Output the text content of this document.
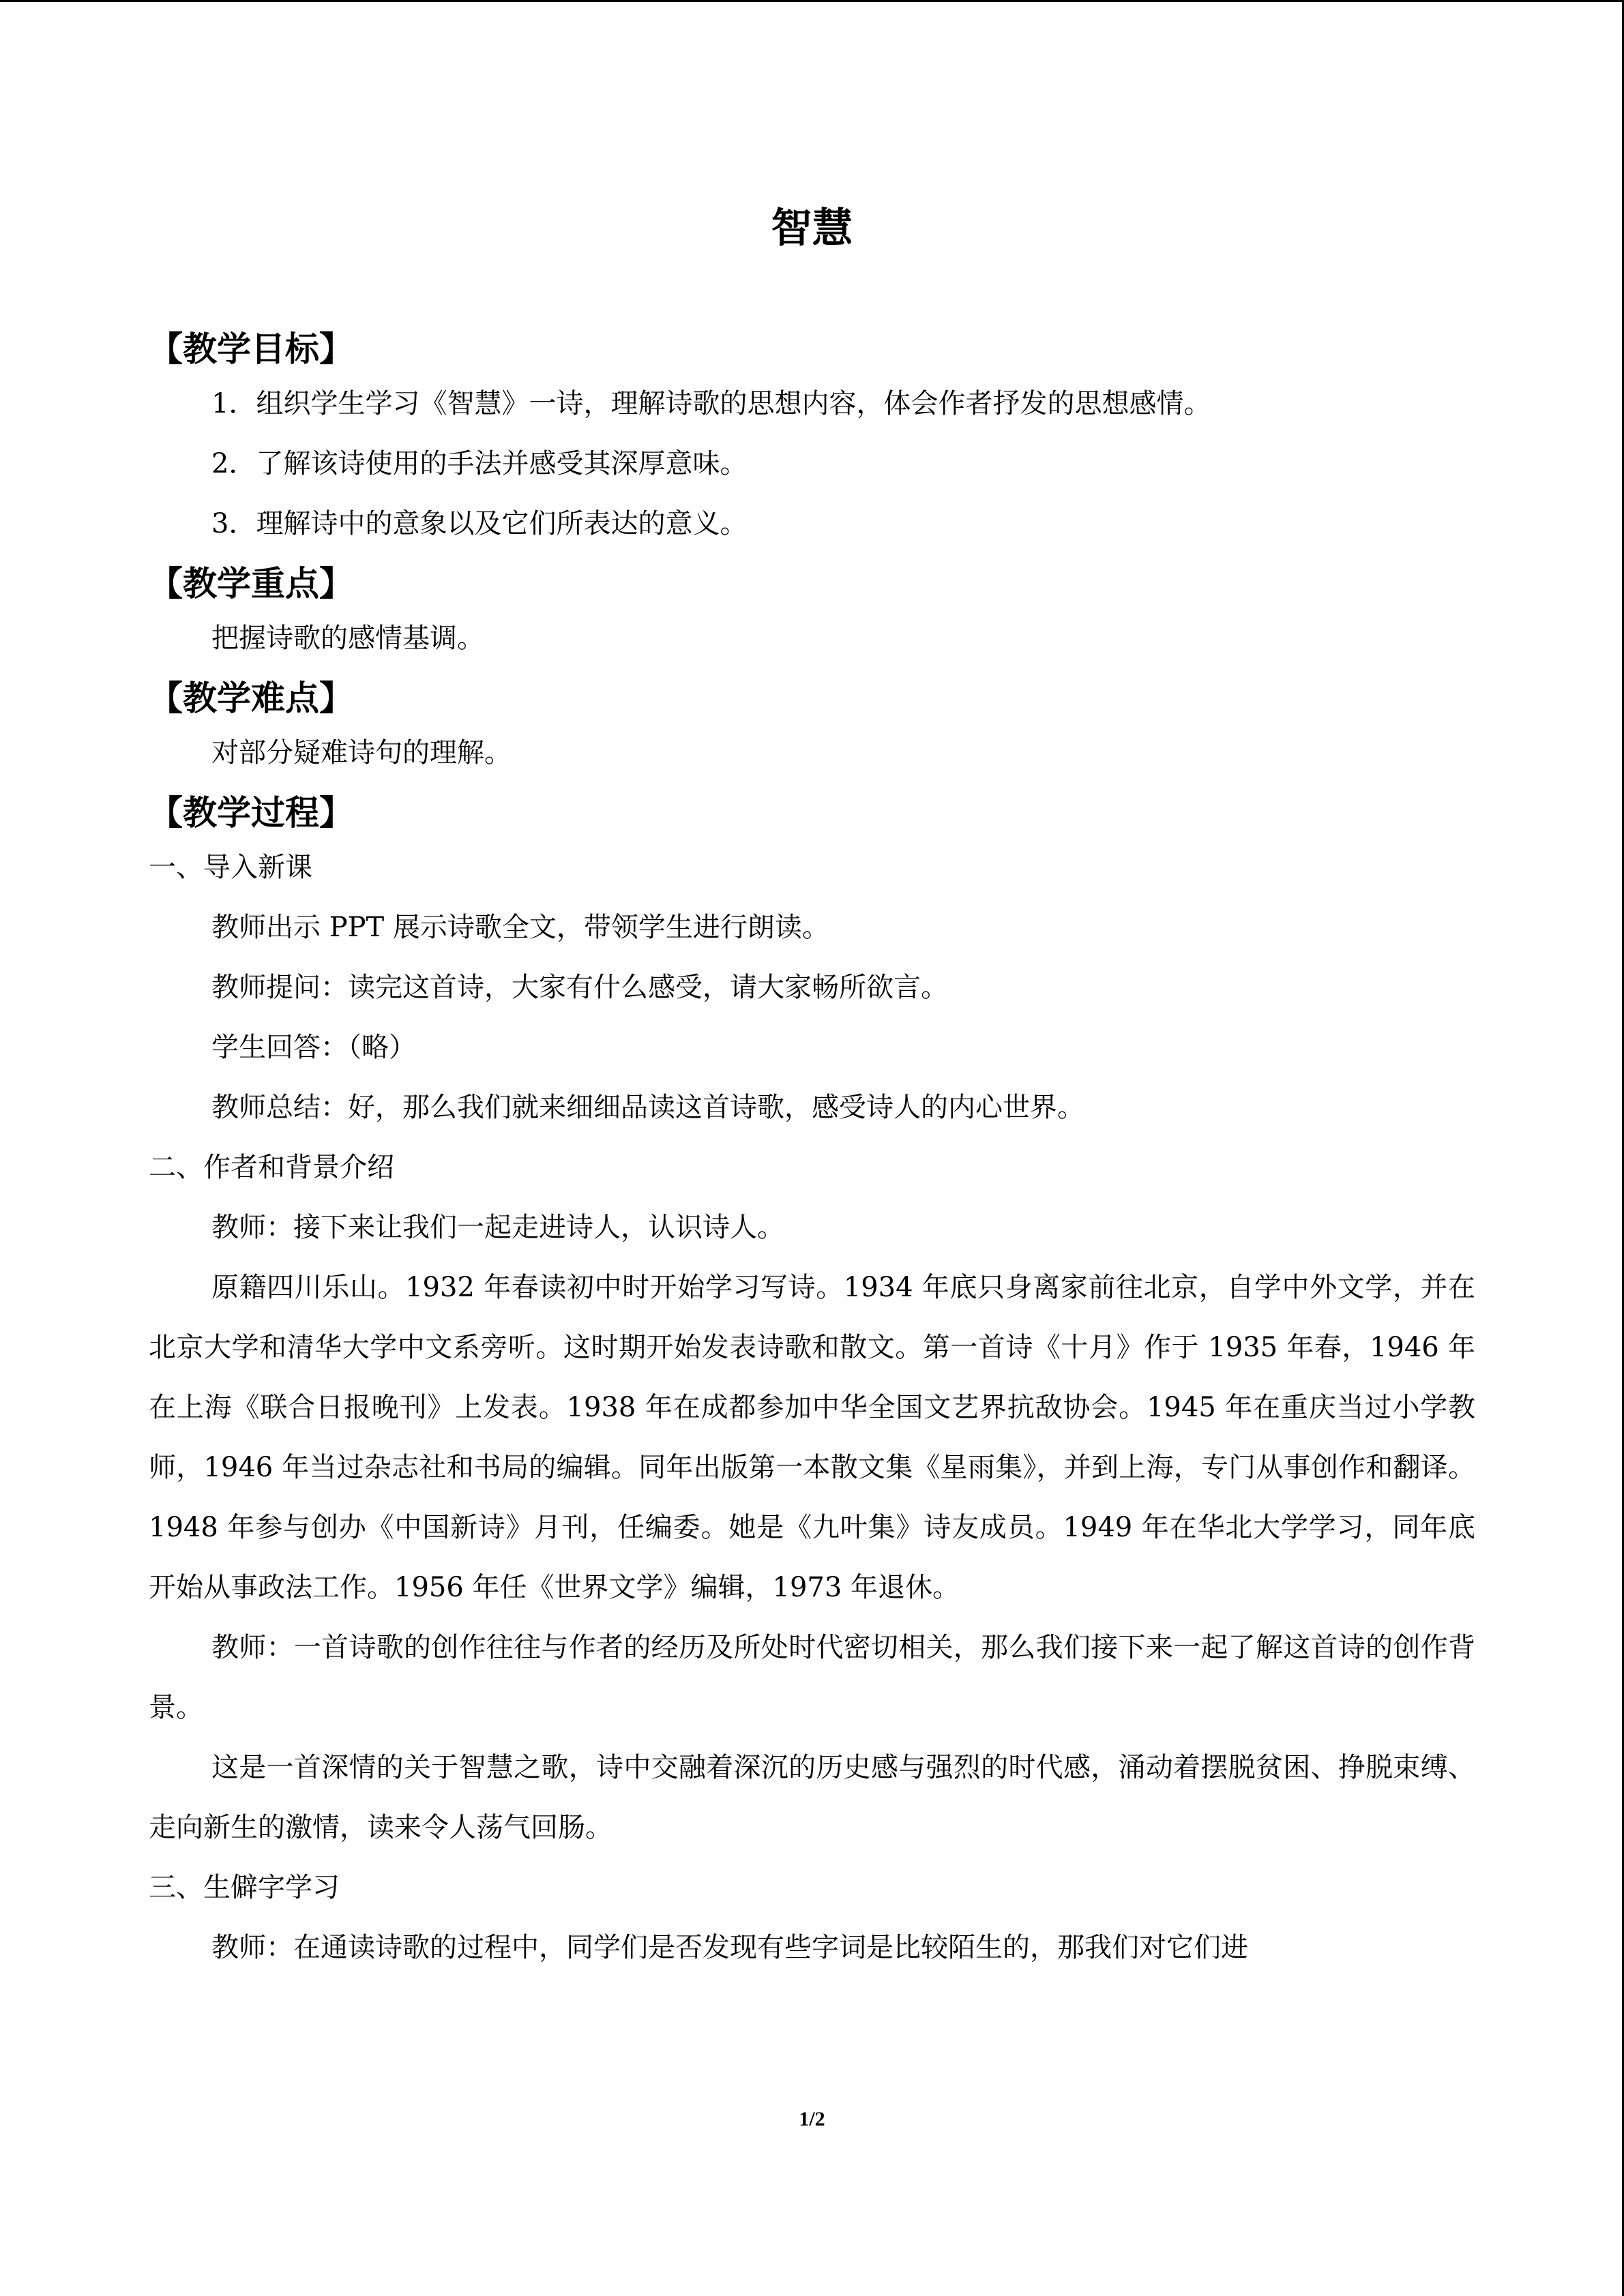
智慧
【教学目标】

1．组织学生学习《智慧》一诗，理解诗歌的思想内容，体会作者抒发的思想感情。

2．了解该诗使用的手法并感受其深厚意味。

3．理解诗中的意象以及它们所表达的意义。

【教学重点】

把握诗歌的感情基调。

【教学难点】

对部分疑难诗句的理解。

【教学过程】

一、导入新课

教师出示 PPT 展示诗歌全文，带领学生进行朗读。

教师提问：读完这首诗，大家有什么感受，请大家畅所欲言。

学生回答：（略）

教师总结：好，那么我们就来细细品读这首诗歌，感受诗人的内心世界。

二、作者和背景介绍

教师：接下来让我们一起走进诗人，认识诗人。

原籍四川乐山。1932 年春读初中时开始学习写诗。1934 年底只身离家前往北京，自学中外文学，并在北京大学和清华大学中文系旁听。这时期开始发表诗歌和散文。第一首诗《十月》作于 1935 年春，1946 年在上海《联合日报晚刊》上发表。1938 年在成都参加中华全国文艺界抗敌协会。1945 年在重庆当过小学教师，1946 年当过杂志社和书局的编辑。同年出版第一本散文集《星雨集》，并到上海，专门从事创作和翻译。1948 年参与创办《中国新诗》月刊，任编委。她是《九叶集》诗友成员。1949 年在华北大学学习，同年底开始从事政法工作。1956 年任《世界文学》编辑，1973 年退休。

教师：一首诗歌的创作往往与作者的经历及所处时代密切相关，那么我们接下来一起了解这首诗的创作背景。

这是一首深情的关于智慧之歌，诗中交融着深沉的历史感与强烈的时代感，涌动着摆脱贫困、挣脱束缚、走向新生的激情，读来令人荡气回肠。

三、生僻字学习

教师：在通读诗歌的过程中，同学们是否发现有些字词是比较陌生的，那我们对它们进

1/2
